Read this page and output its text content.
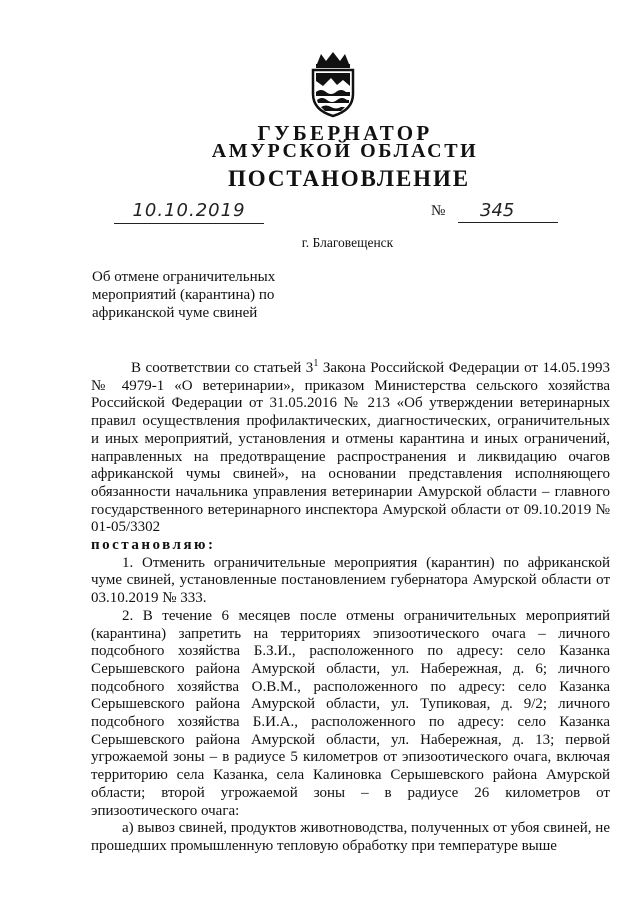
ГУБЕРНАТОР
АМУРСКОЙ ОБЛАСТИ
ПОСТАНОВЛЕНИЕ
10.10.2019	№	345
г. Благовещенск
Об отмене ограничительных мероприятий (карантина) по африканской чуме свиней

В соответствии со статьей $3^1$ Закона Российской Федерации от 14.05.1993 № 4979-1 «О ветеринарии», приказом Министерства сельского хозяйства Российской Федерации от 31.05.2016 № 213 «Об утверждении ветеринарных правил осуществления профилактических, диагностических, ограничительных и иных мероприятий, установления и отмены карантина и иных ограничений, направленных на предотвращение распространения и ликвидацию очагов африканской чумы свиней», на основании представления исполняющего обязанности начальника управления ветеринарии Амурской области – главного государственного ветеринарного инспектора Амурской области от 09.10.2019 № 01-05/3302

постановляю:

1. Отменить ограничительные мероприятия (карантин) по африканской чуме свиней, установленные постановлением губернатора Амурской области от 03.10.2019 № 333.

2. В течение 6 месяцев после отмены ограничительных мероприятий (карантина) запретить на территориях эпизоотического очага – личного подсобного хозяйства Б.З.И., расположенного по адресу: село Казанка Серышевского района Амурской области, ул. Набережная, д. 6; личного подсобного хозяйства О.В.М., расположенного по адресу: село Казанка Серышевского района Амурской области, ул. Тупиковая, д. 9/2; личного подсобного хозяйства Б.И.А., расположенного по адресу: село Казанка Серышевского района Амурской области, ул. Набережная, д. 13; первой угрожаемой зоны – в радиусе 5 километров от эпизоотического очага, включая территорию села Казанка, села Калиновка Серышевского района Амурской области; второй угрожаемой зоны – в радиусе 26 километров от эпизоотического очага:

а) вывоз свиней, продуктов животноводства, полученных от убоя свиней, не прошедших промышленную тепловую обработку при температуре выше
